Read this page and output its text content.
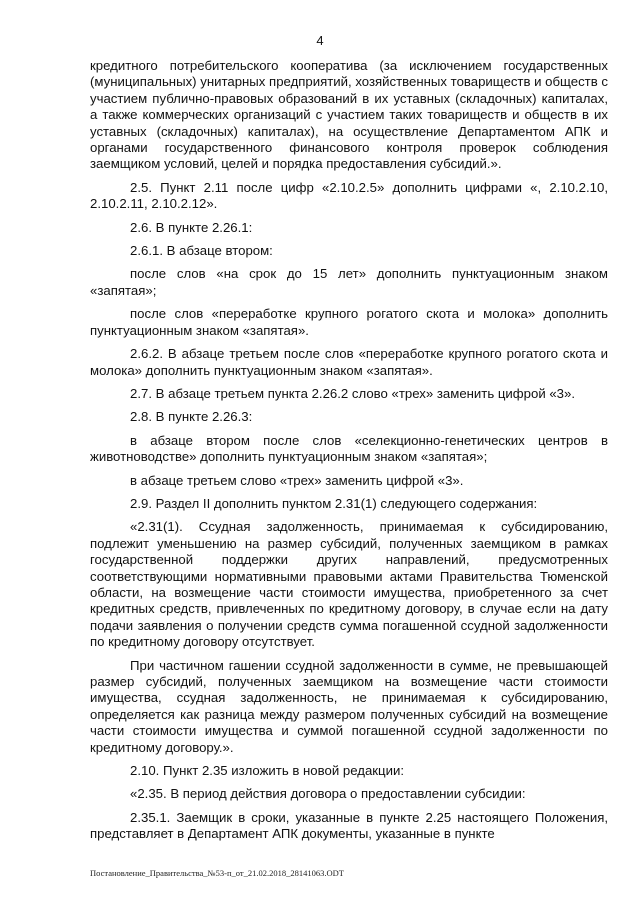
4

кредитного потребительского кооператива (за исключением государственных (муниципальных) унитарных предприятий, хозяйственных товариществ и обществ с участием публично-правовых образований в их уставных (складочных) капиталах, а также коммерческих организаций с участием таких товариществ и обществ в их уставных (складочных) капиталах), на осуществление Департаментом АПК и органами государственного финансового контроля проверок соблюдения заемщиком условий, целей и порядка предоставления субсидий.».

2.5. Пункт 2.11 после цифр «2.10.2.5» дополнить цифрами «, 2.10.2.10, 2.10.2.11, 2.10.2.12».

2.6. В пункте 2.26.1:

2.6.1. В абзаце втором:

после слов «на срок до 15 лет» дополнить пунктуационным знаком «запятая»;

после слов «переработке крупного рогатого скота и молока» дополнить пунктуационным знаком «запятая».

2.6.2. В абзаце третьем после слов «переработке крупного рогатого скота и молока» дополнить пунктуационным знаком «запятая».

2.7. В абзаце третьем пункта 2.26.2 слово «трех» заменить цифрой «3».

2.8. В пункте 2.26.3:

в абзаце втором после слов «селекционно-генетических центров в животноводстве» дополнить пунктуационным знаком «запятая»;

в абзаце третьем слово «трех» заменить цифрой «3».

2.9. Раздел II дополнить пунктом 2.31(1) следующего содержания:

«2.31(1). Ссудная задолженность, принимаемая к субсидированию, подлежит уменьшению на размер субсидий, полученных заемщиком в рамках государственной поддержки других направлений, предусмотренных соответствующими нормативными правовыми актами Правительства Тюменской области, на возмещение части стоимости имущества, приобретенного за счет кредитных средств, привлеченных по кредитному договору, в случае если на дату подачи заявления о получении средств сумма погашенной ссудной задолженности по кредитному договору отсутствует.

При частичном гашении ссудной задолженности в сумме, не превышающей размер субсидий, полученных заемщиком на возмещение части стоимости имущества, ссудная задолженность, не принимаемая к субсидированию, определяется как разница между размером полученных субсидий на возмещение части стоимости имущества и суммой погашенной ссудной задолженности по кредитному договору.».

2.10. Пункт 2.35 изложить в новой редакции:

«2.35. В период действия договора о предоставлении субсидии:

2.35.1. Заемщик в сроки, указанные в пункте 2.25 настоящего Положения, представляет в Департамент АПК документы, указанные в пункте

Постановление_Правительства_№53-п_от_21.02.2018_28141063.ODT
